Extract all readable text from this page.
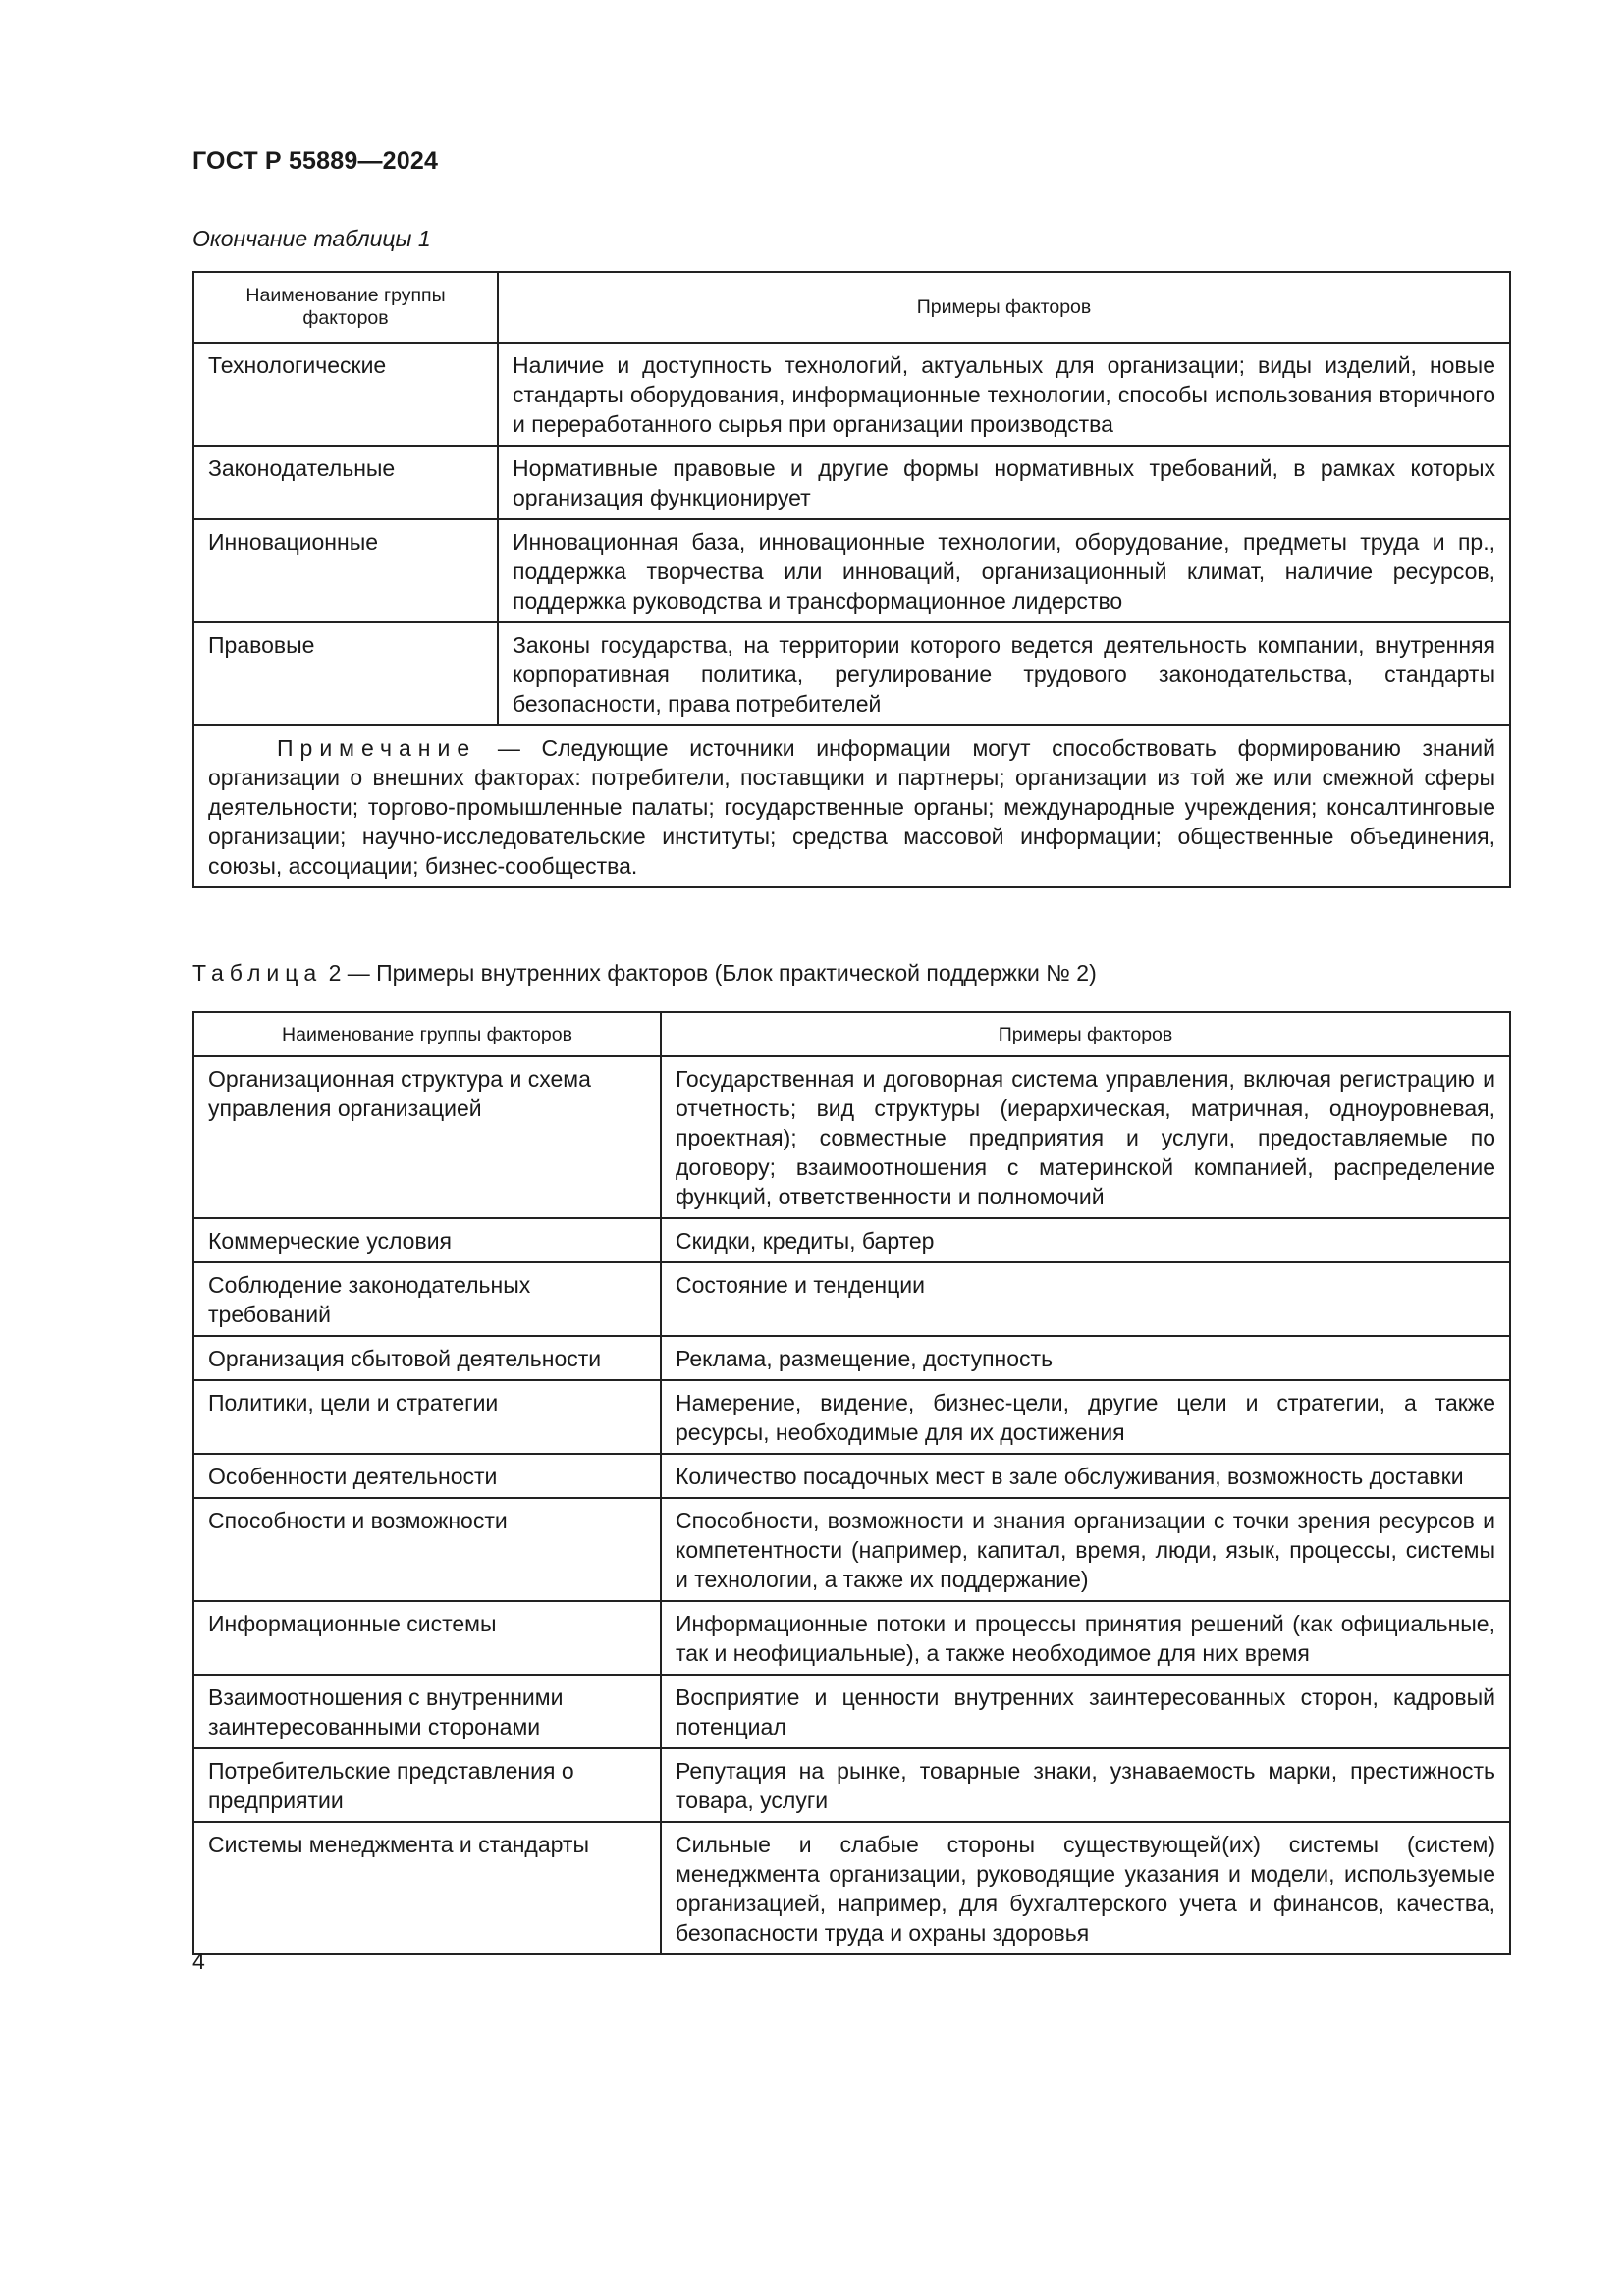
ГОСТ Р 55889—2024
Окончание таблицы 1
Наименование группы факторов	Примеры факторов
Технологические	Наличие и доступность технологий, актуальных для организации; виды изделий, новые стандарты оборудования, информационные технологии, способы использования вторичного и переработанного сырья при организации производства
Законодательные	Нормативные правовые и другие формы нормативных требований, в рамках которых организация функционирует
Инновационные	Инновационная база, инновационные технологии, оборудование, предметы труда и пр., поддержка творчества или инноваций, организационный климат, наличие ресурсов, поддержка руководства и трансформационное лидерство
Правовые	Законы государства, на территории которого ведется деятельность компании, внутренняя корпоративная политика, регулирование трудового законодательства, стандарты безопасности, права потребителей
Примечание — Следующие источники информации могут способствовать формированию знаний организации о внешних факторах: потребители, поставщики и партнеры; организации из той же или смежной сферы деятельности; торгово-промышленные палаты; государственные органы; международные учреждения; консалтинговые организации; научно-исследовательские институты; средства массовой информации; общественные объединения, союзы, ассоциации; бизнес-сообщества.	
Таблица 2 — Примеры внутренних факторов (Блок практической поддержки № 2)
Наименование группы факторов	Примеры факторов
Организационная структура и схема управления организацией	Государственная и договорная система управления, включая регистрацию и отчетность; вид структуры (иерархическая, матричная, одноуровневая, проектная); совместные предприятия и услуги, предоставляемые по договору; взаимоотношения с материнской компанией, распределение функций, ответственности и полномочий
Коммерческие условия	Скидки, кредиты, бартер
Соблюдение законодательных требований	Состояние и тенденции
Организация сбытовой деятельности	Реклама, размещение, доступность
Политики, цели и стратегии	Намерение, видение, бизнес-цели, другие цели и стратегии, а также ресурсы, необходимые для их достижения
Особенности деятельности	Количество посадочных мест в зале обслуживания, возможность доставки
Способности и возможности	Способности, возможности и знания организации с точки зрения ресурсов и компетентности (например, капитал, время, люди, язык, процессы, системы и технологии, а также их поддержание)
Информационные системы	Информационные потоки и процессы принятия решений (как официальные, так и неофициальные), а также необходимое для них время
Взаимоотношения с внутренними заинтересованными сторонами	Восприятие и ценности внутренних заинтересованных сторон, кадровый потенциал
Потребительские представления о предприятии	Репутация на рынке, товарные знаки, узнаваемость марки, престижность товара, услуги
Системы менеджмента и стандарты	Сильные и слабые стороны существующей(их) системы (систем) менеджмента организации, руководящие указания и модели, используемые организацией, например, для бухгалтерского учета и финансов, качества, безопасности труда и охраны здоровья
4
